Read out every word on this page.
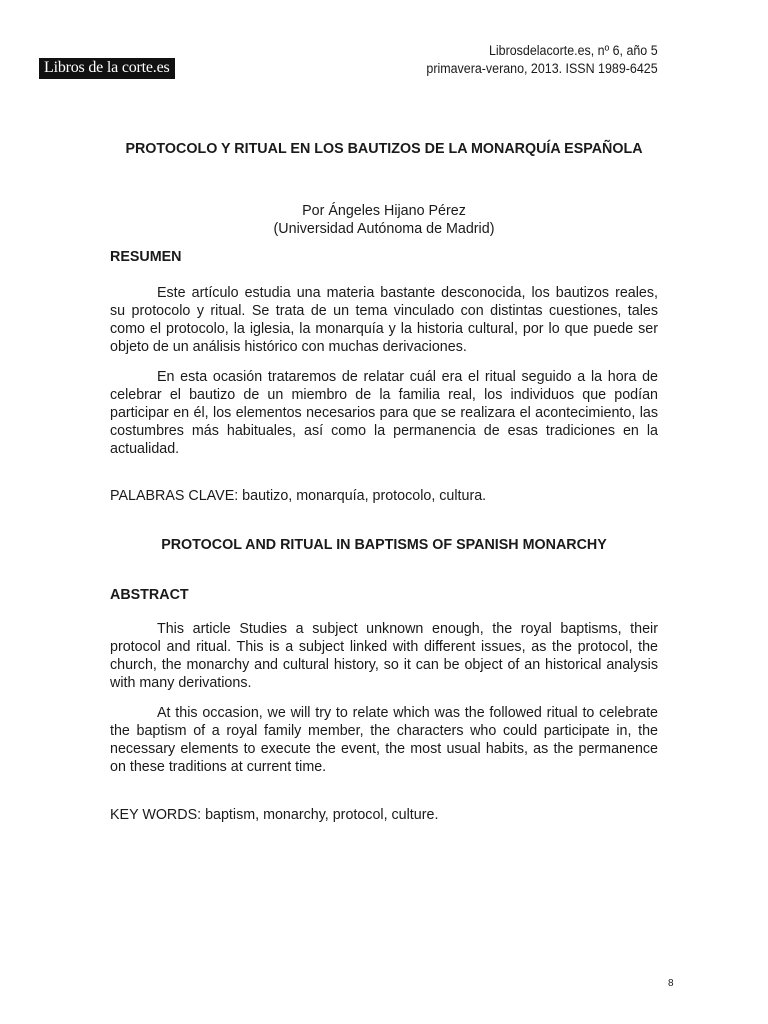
Libros de la corte.es
Librosdelacorte.es, nº 6, año 5
primavera-verano, 2013. ISSN 1989-6425
PROTOCOLO Y RITUAL EN LOS BAUTIZOS DE LA MONARQUÍA ESPAÑOLA
Por Ángeles Hijano Pérez
(Universidad Autónoma de Madrid)
RESUMEN

Este artículo estudia una materia bastante desconocida, los bautizos reales, su protocolo y ritual. Se trata de un tema vinculado con distintas cuestiones, tales como el protocolo, la iglesia, la monarquía y la historia cultural, por lo que puede ser objeto de un análisis histórico con muchas derivaciones.

En esta ocasión trataremos de relatar cuál era el ritual seguido a la hora de celebrar el bautizo de un miembro de la familia real, los individuos que podían participar en él, los elementos necesarios para que se realizara el acontecimiento, las costumbres más habituales, así como la permanencia de esas tradiciones en la actualidad.

PALABRAS CLAVE: bautizo, monarquía, protocolo, cultura.

PROTOCOL AND RITUAL IN BAPTISMS OF SPANISH MONARCHY
ABSTRACT

This article Studies a subject unknown enough, the royal baptisms, their protocol and ritual. This is a subject linked with different issues, as the protocol, the church, the monarchy and cultural history, so it can be object of an historical analysis with many derivations.

At this occasion, we will try to relate which was the followed ritual to celebrate the baptism of a royal family member, the characters who could participate in, the necessary elements to execute the event, the most usual habits, as the permanence on these traditions at current time.

KEY WORDS: baptism, monarchy, protocol, culture.

8
